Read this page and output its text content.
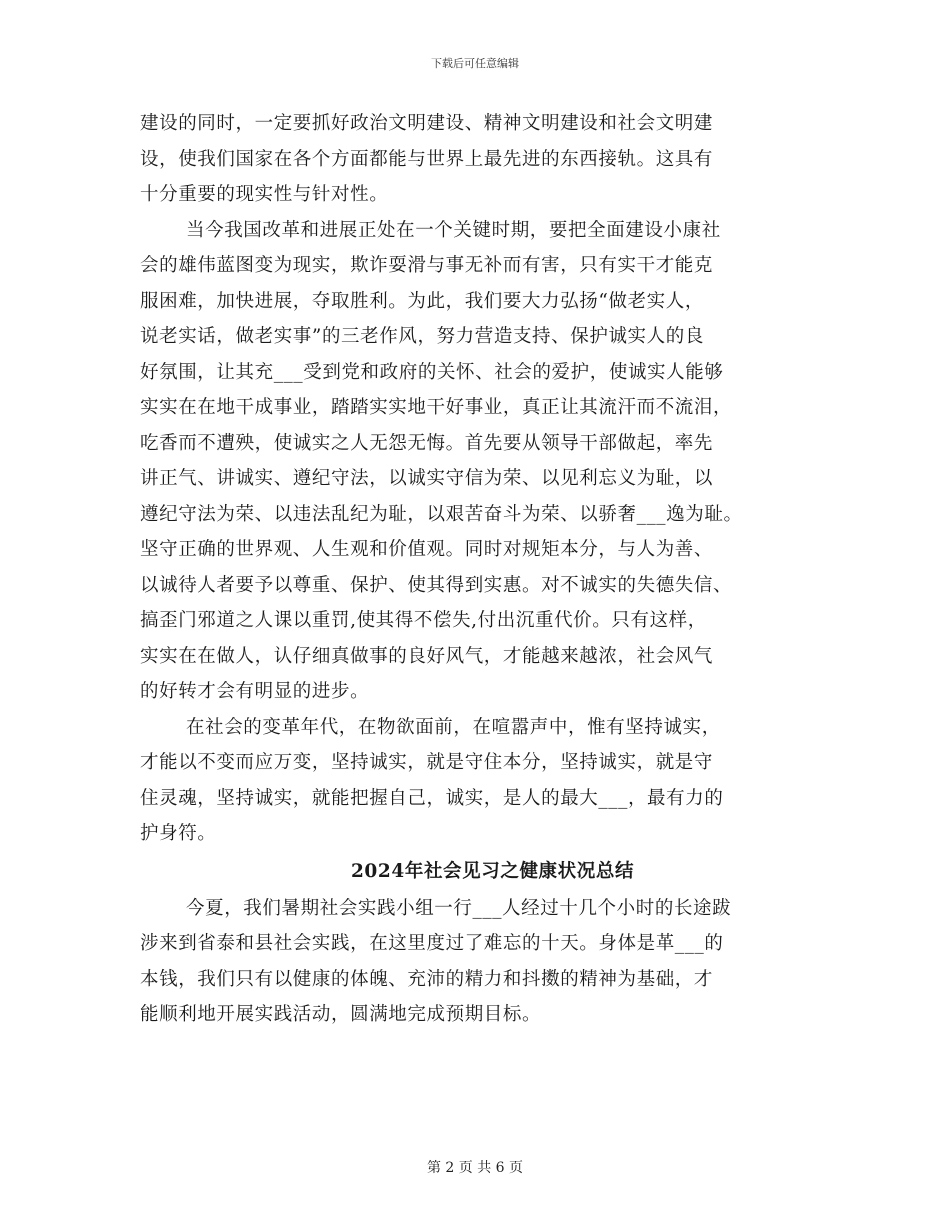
下载后可任意编辑
建设的同时，一定要抓好政治文明建设、精神文明建设和社会文明建
设，使我们国家在各个方面都能与世界上最先进的东西接轨。这具有
十分重要的现实性与针对性。
当今我国改革和进展正处在一个关键时期，要把全面建设小康社
会的雄伟蓝图变为现实，欺诈耍滑与事无补而有害，只有实干才能克
服困难，加快进展，夺取胜利。为此，我们要大力弘扬“做老实人，
说老实话，做老实事”的三老作风，努力营造支持、保护诚实人的良
好氛围，让其充___受到党和政府的关怀、社会的爱护，使诚实人能够
实实在在地干成事业，踏踏实实地干好事业，真正让其流汗而不流泪，
吃香而不遭殃，使诚实之人无怨无悔。首先要从领导干部做起，率先
讲正气、讲诚实、遵纪守法，以诚实守信为荣、以见利忘义为耻，以
遵纪守法为荣、以违法乱纪为耻，以艰苦奋斗为荣、以骄奢___逸为耻。
坚守正确的世界观、人生观和价值观。同时对规矩本分，与人为善、
以诚待人者要予以尊重、保护、使其得到实惠。对不诚实的失德失信、
搞歪门邪道之人课以重罚,使其得不偿失,付出沉重代价。只有这样，
实实在在做人，认仔细真做事的良好风气，才能越来越浓，社会风气
的好转才会有明显的进步。
在社会的变革年代，在物欲面前，在喧嚣声中，惟有坚持诚实，
才能以不变而应万变，坚持诚实，就是守住本分，坚持诚实，就是守
住灵魂，坚持诚实，就能把握自己，诚实，是人的最大___，最有力的
护身符。
2024年社会见习之健康状况总结
今夏，我们暑期社会实践小组一行___人经过十几个小时的长途跋
涉来到省泰和县社会实践，在这里度过了难忘的十天。身体是革___的
本钱，我们只有以健康的体魄、充沛的精力和抖擞的精神为基础，才
能顺利地开展实践活动，圆满地完成预期目标。
第 2 页 共 6 页
